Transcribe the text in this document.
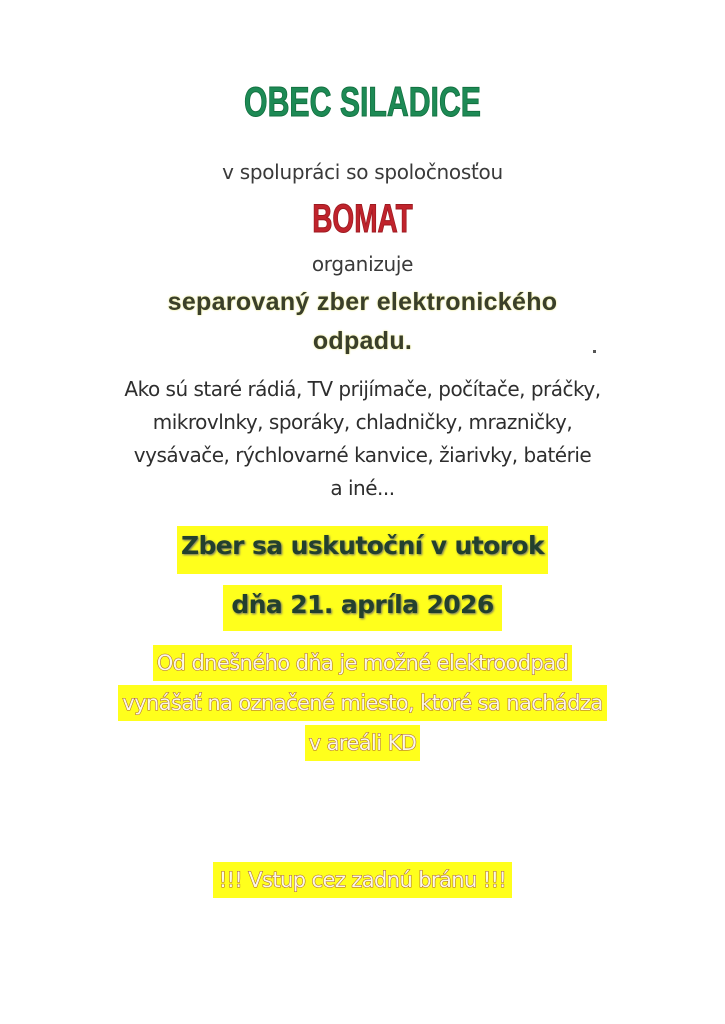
OBEC SILADICE
v spolupráci so spoločnosťou
BOMAT
organizuje
separovaný zber elektronického
odpadu.
Ako sú staré rádiá, TV prijímače, počítače, práčky,
mikrovlnky, sporáky, chladničky, mrazničky,
vysávače, rýchlovarné kanvice, žiarivky, batérie
a iné...
Zber sa uskutoční v utorok
dňa 21. apríla 2026
Od dnešného dňa je možné elektroodpad
vynášať na označené miesto, ktoré sa nachádza
v areáli KD
!!! Vstup cez zadnú bránu !!!
